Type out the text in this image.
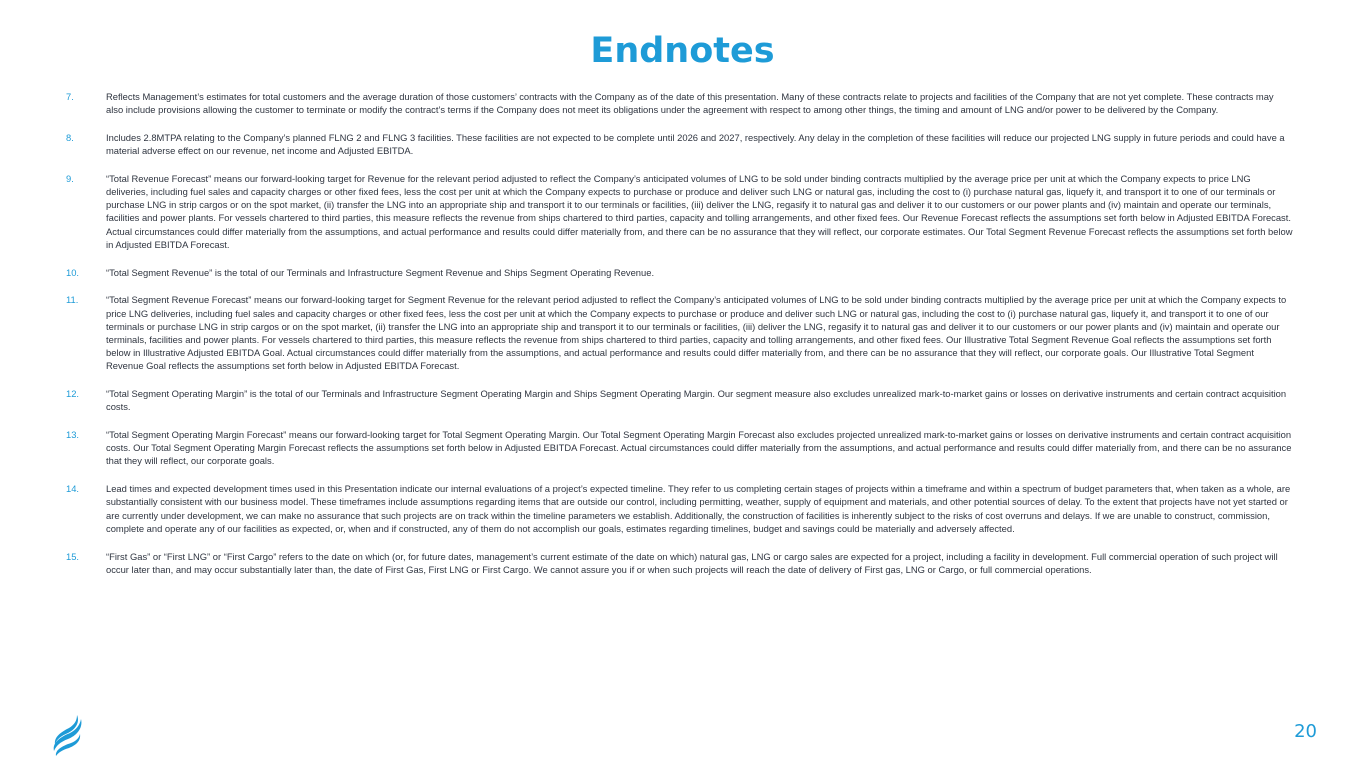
Endnotes
7.	Reflects Management’s estimates for total customers and the average duration of those customers’ contracts with the Company as of the date of this presentation. Many of these contracts relate to projects and facilities of the Company that are not yet complete. These contracts may also include provisions allowing the customer to terminate or modify the contract’s terms if the Company does not meet its obligations under the agreement with respect to among other things, the timing and amount of LNG and/or power to be delivered by the Company.
8.	Includes 2.8MTPA relating to the Company’s planned FLNG 2 and FLNG 3 facilities. These facilities are not expected to be complete until 2026 and 2027, respectively. Any delay in the completion of these facilities will reduce our projected LNG supply in future periods and could have a material adverse effect on our revenue, net income and Adjusted EBITDA.
9.	“Total Revenue Forecast” means our forward-looking target for Revenue for the relevant period adjusted to reflect the Company’s anticipated volumes of LNG to be sold under binding contracts multiplied by the average price per unit at which the Company expects to price LNG deliveries, including fuel sales and capacity charges or other fixed fees, less the cost per unit at which the Company expects to purchase or produce and deliver such LNG or natural gas, including the cost to (i) purchase natural gas, liquefy it, and transport it to one of our terminals or purchase LNG in strip cargos or on the spot market, (ii) transfer the LNG into an appropriate ship and transport it to our terminals or facilities, (iii) deliver the LNG, regasify it to natural gas and deliver it to our customers or our power plants and (iv) maintain and operate our terminals, facilities and power plants. For vessels chartered to third parties, this measure reflects the revenue from ships chartered to third parties, capacity and tolling arrangements, and other fixed fees. Our Revenue Forecast reflects the assumptions set forth below in Adjusted EBITDA Forecast. Actual circumstances could differ materially from the assumptions, and actual performance and results could differ materially from, and there can be no assurance that they will reflect, our corporate estimates. Our Total Segment Revenue Forecast reflects the assumptions set forth below in Adjusted EBITDA Forecast.
10.	“Total Segment Revenue” is the total of our Terminals and Infrastructure Segment Revenue and Ships Segment Operating Revenue.
11.	“Total Segment Revenue Forecast” means our forward-looking target for Segment Revenue for the relevant period adjusted to reflect the Company’s anticipated volumes of LNG to be sold under binding contracts multiplied by the average price per unit at which the Company expects to price LNG deliveries, including fuel sales and capacity charges or other fixed fees, less the cost per unit at which the Company expects to purchase or produce and deliver such LNG or natural gas, including the cost to (i) purchase natural gas, liquefy it, and transport it to one of our terminals or purchase LNG in strip cargos or on the spot market, (ii) transfer the LNG into an appropriate ship and transport it to our terminals or facilities, (iii) deliver the LNG, regasify it to natural gas and deliver it to our customers or our power plants and (iv) maintain and operate our terminals, facilities and power plants. For vessels chartered to third parties, this measure reflects the revenue from ships chartered to third parties, capacity and tolling arrangements, and other fixed fees. Our Illustrative Total Segment Revenue Goal reflects the assumptions set forth below in Illustrative Adjusted EBITDA Goal. Actual circumstances could differ materially from the assumptions, and actual performance and results could differ materially from, and there can be no assurance that they will reflect, our corporate goals. Our Illustrative Total Segment Revenue Goal reflects the assumptions set forth below in Adjusted EBITDA Forecast.
12.	“Total Segment Operating Margin” is the total of our Terminals and Infrastructure Segment Operating Margin and Ships Segment Operating Margin. Our segment measure also excludes unrealized mark-to-market gains or losses on derivative instruments and certain contract acquisition costs.
13.	“Total Segment Operating Margin Forecast” means our forward-looking target for Total Segment Operating Margin. Our Total Segment Operating Margin Forecast also excludes projected unrealized mark-to-market gains or losses on derivative instruments and certain contract acquisition costs. Our Total Segment Operating Margin Forecast reflects the assumptions set forth below in Adjusted EBITDA Forecast. Actual circumstances could differ materially from the assumptions, and actual performance and results could differ materially from, and there can be no assurance that they will reflect, our corporate goals.
14.	Lead times and expected development times used in this Presentation indicate our internal evaluations of a project’s expected timeline. They refer to us completing certain stages of projects within a timeframe and within a spectrum of budget parameters that, when taken as a whole, are substantially consistent with our business model. These timeframes include assumptions regarding items that are outside our control, including permitting, weather, supply of equipment and materials, and other potential sources of delay. To the extent that projects have not yet started or are currently under development, we can make no assurance that such projects are on track within the timeline parameters we establish. Additionally, the construction of facilities is inherently subject to the risks of cost overruns and delays. If we are unable to construct, commission, complete and operate any of our facilities as expected, or, when and if constructed, any of them do not accomplish our goals, estimates regarding timelines, budget and savings could be materially and adversely affected.
15.	“First Gas” or “First LNG” or “First Cargo” refers to the date on which (or, for future dates, management’s current estimate of the date on which) natural gas, LNG or cargo sales are expected for a project, including a facility in development. Full commercial operation of such project will occur later than, and may occur substantially later than, the date of First Gas, First LNG or First Cargo. We cannot assure you if or when such projects will reach the date of delivery of First gas, LNG or Cargo, or full commercial operations.
20
